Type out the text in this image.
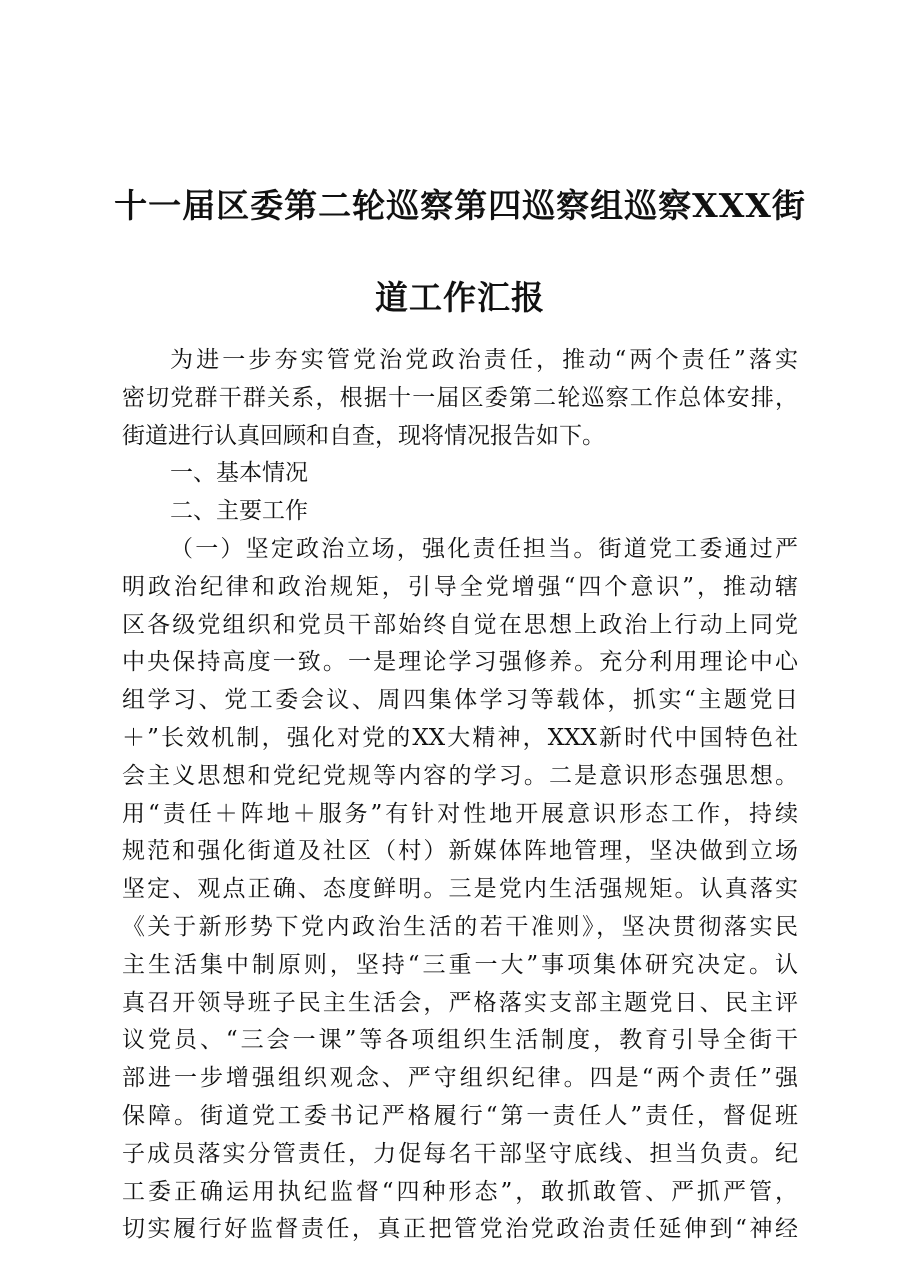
十一届区委第二轮巡察第四巡察组巡察XXX街
道工作汇报
为进一步夯实管党治党政治责任，推动“两个责任”落实
密切党群干群关系，根据十一届区委第二轮巡察工作总体安排，
街道进行认真回顾和自查，现将情况报告如下。
一、基本情况
二、主要工作
（一）坚定政治立场，强化责任担当。街道党工委通过严
明政治纪律和政治规矩，引导全党增强“四个意识”，推动辖
区各级党组织和党员干部始终自觉在思想上政治上行动上同党
中央保持高度一致。一是理论学习强修养。充分利用理论中心
组学习、党工委会议、周四集体学习等载体，抓实“主题党日
＋”长效机制，强化对党的XX大精神，XXX新时代中国特色社
会主义思想和党纪党规等内容的学习。二是意识形态强思想。
用“责任＋阵地＋服务”有针对性地开展意识形态工作，持续
规范和强化街道及社区（村）新媒体阵地管理，坚决做到立场
坚定、观点正确、态度鲜明。三是党内生活强规矩。认真落实
《关于新形势下党内政治生活的若干准则》，坚决贯彻落实民
主生活集中制原则，坚持“三重一大”事项集体研究决定。认
真召开领导班子民主生活会，严格落实支部主题党日、民主评
议党员、“三会一课”等各项组织生活制度，教育引导全街干
部进一步增强组织观念、严守组织纪律。四是“两个责任”强
保障。街道党工委书记严格履行“第一责任人”责任，督促班
子成员落实分管责任，力促每名干部坚守底线、担当负责。纪
工委正确运用执纪监督“四种形态”，敢抓敢管、严抓严管，
切实履行好监督责任，真正把管党治党政治责任延伸到“神经
